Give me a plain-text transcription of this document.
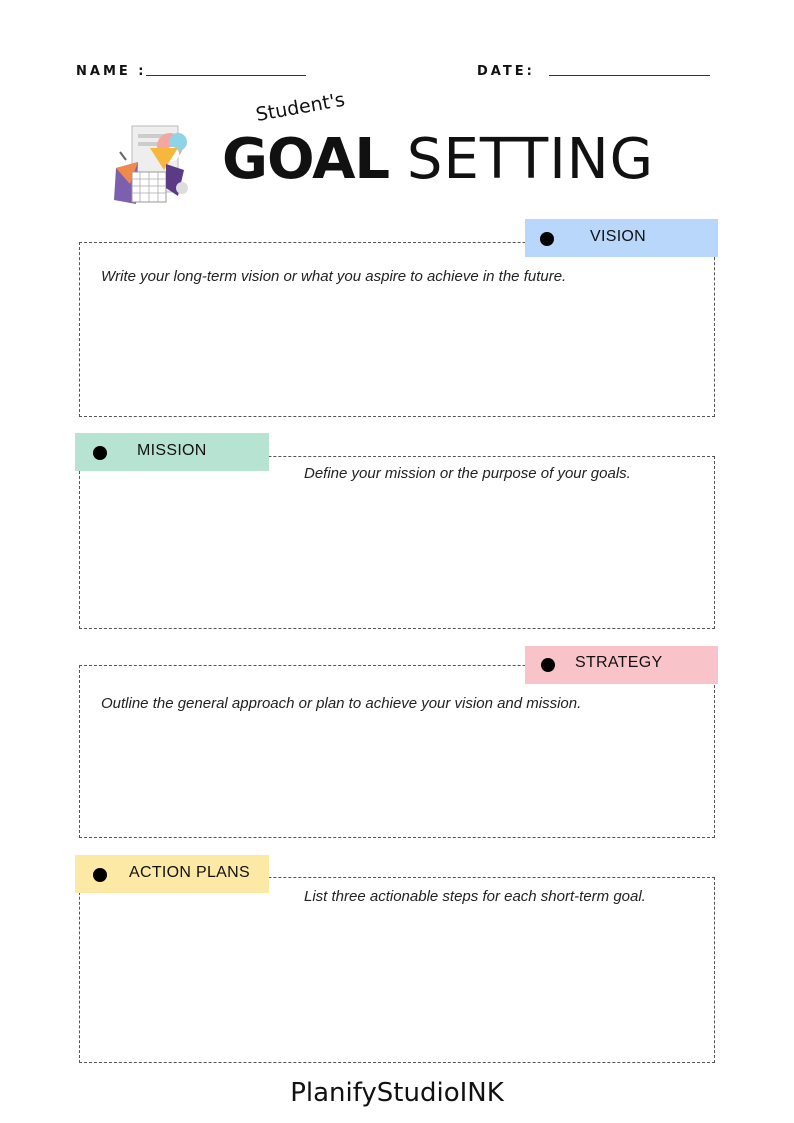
NAME :	DATE:
Student's
GOAL SETTING
VISION
Write your long-term vision or what you aspire to achieve in the future.
MISSION
Define your mission or the purpose of your goals.
STRATEGY
Outline the general approach or plan to achieve your vision and mission.
ACTION PLANS
List three actionable steps for each short-term goal.
PlanifyStudioINK
